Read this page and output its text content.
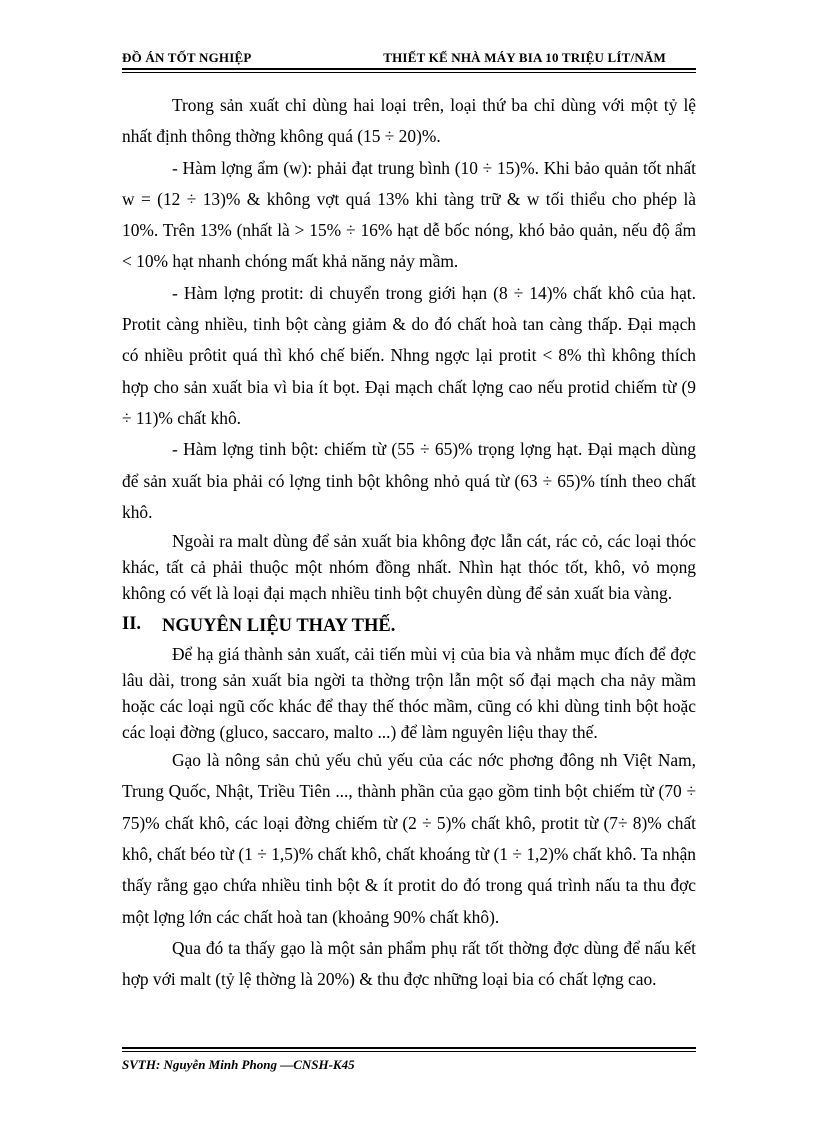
ĐỒ ÁN TỐT NGHIỆP	THIẾT KẾ NHÀ MÁY BIA 10 TRIỆU LÍT/NĂM

Trong sản xuất chỉ dùng hai loại trên, loại thứ ba chỉ dùng với một tỷ lệ nhất định thông thờng không quá (15 ÷ 20)%.

- Hàm lợng ẩm (w): phải đạt trung bình (10 ÷ 15)%. Khi bảo quản tốt nhất w = (12 ÷ 13)% & không vợt quá 13% khi tàng trữ & w tối thiểu cho phép là 10%. Trên 13% (nhất là > 15% ÷ 16% hạt dễ bốc nóng, khó bảo quản, nếu độ ẩm < 10% hạt nhanh chóng mất khả năng nảy mầm.

- Hàm lợng protit: di chuyển trong giới hạn (8 ÷ 14)% chất khô của hạt. Protit càng nhiều, tinh bột càng giảm & do đó chất hoà tan càng thấp. Đại mạch có nhiều prôtit quá thì khó chế biến. Nhng ngợc lại protit < 8% thì không thích hợp cho sản xuất bia vì bia ít bọt. Đại mạch chất lợng cao nếu protid chiếm từ (9 ÷ 11)% chất khô.

- Hàm lợng tinh bột: chiếm từ (55 ÷ 65)% trọng lợng hạt. Đại mạch dùng để sản xuất bia phải có lợng tinh bột không nhỏ quá từ (63 ÷ 65)% tính theo chất khô.

Ngoài ra malt dùng để sản xuất bia không đợc lẫn cát, rác cỏ, các loại thóc khác, tất cả phải thuộc một nhóm đồng nhất. Nhìn hạt thóc tốt, khô, vỏ mọng không có vết là loại đại mạch nhiều tinh bột chuyên dùng để sản xuất bia vàng.

II. NGUYÊN LIỆU THAY THẾ.

Để hạ giá thành sản xuất, cải tiến mùi vị của bia và nhằm mục đích để đợc lâu dài, trong sản xuất bia ngời ta thờng trộn lẫn một số đại mạch cha nảy mầm hoặc các loại ngũ cốc khác để thay thế thóc mầm, cũng có khi dùng tinh bột hoặc các loại đờng (gluco, saccaro, malto ...) để làm nguyên liệu thay thế.

Gạo là nông sản chủ yếu chủ yếu của các nớc phơng đông nh Việt Nam, Trung Quốc, Nhật, Triều Tiên ..., thành phần của gạo gồm tinh bột chiếm từ (70 ÷ 75)% chất khô, các loại đờng chiếm từ (2 ÷ 5)% chất khô, protit từ (7÷ 8)% chất khô, chất béo từ (1 ÷ 1,5)% chất khô, chất khoáng từ (1 ÷ 1,2)% chất khô. Ta nhận thấy rằng gạo chứa nhiều tinh bột & ít protit do đó trong quá trình nấu ta thu đợc một lợng lớn các chất hoà tan (khoảng 90% chất khô).

Qua đó ta thấy gạo là một sản phẩm phụ rất tốt thờng đợc dùng để nấu kết hợp với malt (tỷ lệ thờng là 20%) & thu đợc những loại bia có chất lợng cao.

SVTH: Nguyễn Minh Phong —CNSH-K45
